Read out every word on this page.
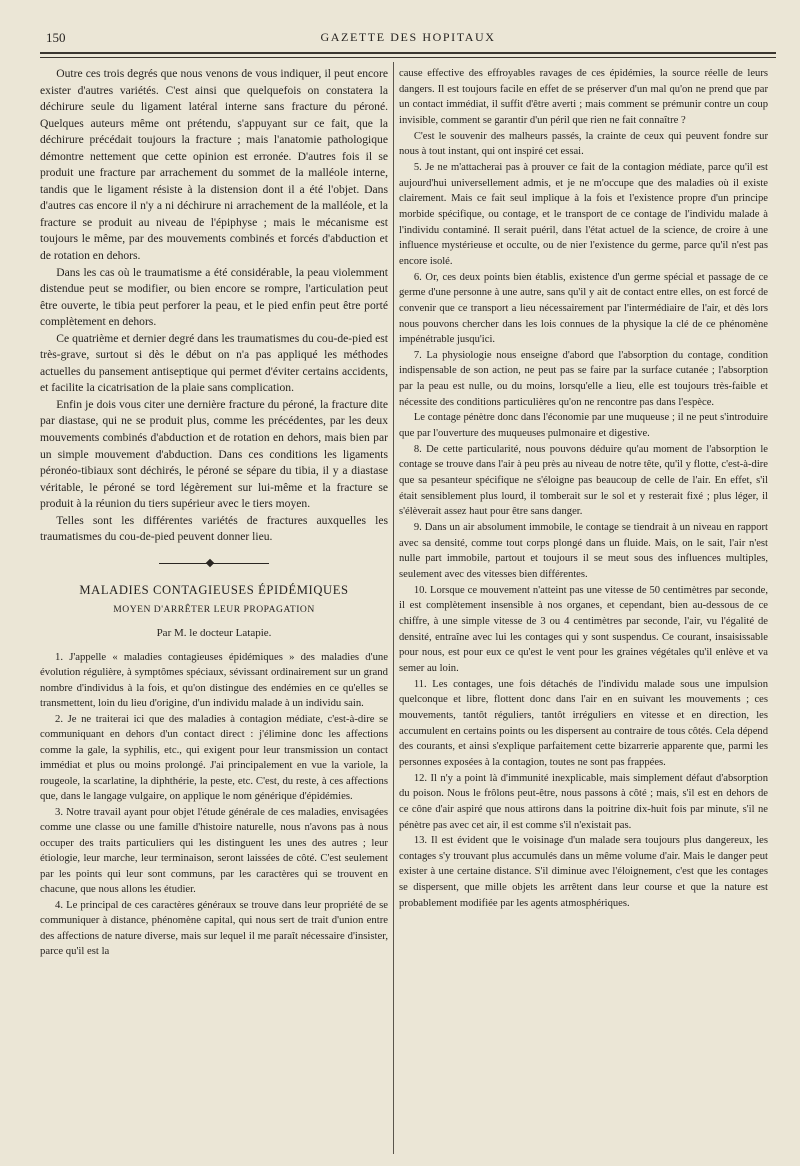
150	GAZETTE DES HOPITAUX

Outre ces trois degrés que nous venons de vous indiquer, il peut encore exister d'autres variétés. C'est ainsi que quelquefois on constatera la déchirure seule du ligament latéral interne sans fracture du péroné. Quelques auteurs même ont prétendu, s'appuyant sur ce fait, que la déchirure précédait toujours la fracture ; mais l'anatomie pathologique démontre nettement que cette opinion est erronée. D'autres fois il se produit une fracture par arrachement du sommet de la malléole interne, tandis que le ligament résiste à la distension dont il a été l'objet. Dans d'autres cas encore il n'y a ni déchirure ni arrachement de la malléole, et la fracture se produit au niveau de l'épiphyse ; mais le mécanisme est toujours le même, par des mouvements combinés et forcés d'abduction et de rotation en dehors.

Dans les cas où le traumatisme a été considérable, la peau violemment distendue peut se modifier, ou bien encore se rompre, l'articulation peut être ouverte, le tibia peut perforer la peau, et le pied enfin peut être porté complètement en dehors.

Ce quatrième et dernier degré dans les traumatismes du cou-de-pied est très-grave, surtout si dès le début on n'a pas appliqué les méthodes actuelles du pansement antiseptique qui permet d'éviter certains accidents, et facilite la cicatrisation de la plaie sans complication.

Enfin je dois vous citer une dernière fracture du péroné, la fracture dite par diastase, qui ne se produit plus, comme les précédentes, par les deux mouvements combinés d'abduction et de rotation en dehors, mais bien par un simple mouvement d'abduction. Dans ces conditions les ligaments péronéo-tibiaux sont déchirés, le péroné se sépare du tibia, il y a diastase véritable, le péroné se tord légèrement sur lui-même et la fracture se produit à la réunion du tiers supérieur avec le tiers moyen.

Telles sont les différentes variétés de fractures auxquelles les traumatismes du cou-de-pied peuvent donner lieu.

MALADIES CONTAGIEUSES ÉPIDÉMIQUES
MOYEN D'ARRÊTER LEUR PROPAGATION
Par M. le docteur Latapie.

1. J'appelle « maladies contagieuses épidémiques » des maladies d'une évolution régulière, à symptômes spéciaux, sévissant ordinairement sur un grand nombre d'individus à la fois, et qu'on distingue des endémies en ce qu'elles se transmettent, loin du lieu d'origine, d'un individu malade à un individu sain.

2. Je ne traiterai ici que des maladies à contagion médiate, c'est-à-dire se communiquant en dehors d'un contact direct : j'élimine donc les affections comme la gale, la syphilis, etc., qui exigent pour leur transmission un contact immédiat et plus ou moins prolongé. J'ai principalement en vue la variole, la rougeole, la scarlatine, la diphthérie, la peste, etc. C'est, du reste, à ces affections que, dans le langage vulgaire, on applique le nom générique d'épidémies.

3. Notre travail ayant pour objet l'étude générale de ces maladies, envisagées comme une classe ou une famille d'histoire naturelle, nous n'avons pas à nous occuper des traits particuliers qui les distinguent les unes des autres ; leur étiologie, leur marche, leur terminaison, seront laissées de côté. C'est seulement par les points qui leur sont communs, par les caractères qui se trouvent en chacune, que nous allons les étudier.

4. Le principal de ces caractères généraux se trouve dans leur propriété de se communiquer à distance, phénomène capital, qui nous sert de trait d'union entre des affections de nature diverse, mais sur lequel il me paraît nécessaire d'insister, parce qu'il est la

cause effective des effroyables ravages de ces épidémies, la source réelle de leurs dangers. Il est toujours facile en effet de se préserver d'un mal qu'on ne prend que par un contact immédiat, il suffit d'être averti ; mais comment se prémunir contre un coup invisible, comment se garantir d'un péril que rien ne fait connaître ?

C'est le souvenir des malheurs passés, la crainte de ceux qui peuvent fondre sur nous à tout instant, qui ont inspiré cet essai.

5. Je ne m'attacherai pas à prouver ce fait de la contagion médiate, parce qu'il est aujourd'hui universellement admis, et je ne m'occupe que des maladies où il existe clairement. Mais ce fait seul implique à la fois et l'existence propre d'un principe morbide spécifique, ou contage, et le transport de ce contage de l'individu malade à l'individu contaminé. Il serait puéril, dans l'état actuel de la science, de croire à une influence mystérieuse et occulte, ou de nier l'existence du germe, parce qu'il n'est pas encore isolé.

6. Or, ces deux points bien établis, existence d'un germe spécial et passage de ce germe d'une personne à une autre, sans qu'il y ait de contact entre elles, on est forcé de convenir que ce transport a lieu nécessairement par l'intermédiaire de l'air, et dès lors nous pouvons chercher dans les lois connues de la physique la clé de ce phénomène impénétrable jusqu'ici.

7. La physiologie nous enseigne d'abord que l'absorption du contage, condition indispensable de son action, ne peut pas se faire par la surface cutanée ; l'absorption par la peau est nulle, ou du moins, lorsqu'elle a lieu, elle est toujours très-faible et nécessite des conditions particulières qu'on ne rencontre pas dans l'espèce.

Le contage pénètre donc dans l'économie par une muqueuse ; il ne peut s'introduire que par l'ouverture des muqueuses pulmonaire et digestive.

8. De cette particularité, nous pouvons déduire qu'au moment de l'absorption le contage se trouve dans l'air à peu près au niveau de notre tête, qu'il y flotte, c'est-à-dire que sa pesanteur spécifique ne s'éloigne pas beaucoup de celle de l'air. En effet, s'il était sensiblement plus lourd, il tomberait sur le sol et y resterait fixé ; plus léger, il s'élèverait assez haut pour être sans danger.

9. Dans un air absolument immobile, le contage se tiendrait à un niveau en rapport avec sa densité, comme tout corps plongé dans un fluide. Mais, on le sait, l'air n'est nulle part immobile, partout et toujours il se meut sous des influences multiples, seulement avec des vitesses bien différentes.

10. Lorsque ce mouvement n'atteint pas une vitesse de 50 centimètres par seconde, il est complètement insensible à nos organes, et cependant, bien au-dessous de ce chiffre, à une simple vitesse de 3 ou 4 centimètres par seconde, l'air, vu l'égalité de densité, entraîne avec lui les contages qui y sont suspendus. Ce courant, insaisissable pour nous, est pour eux ce qu'est le vent pour les graines végétales qu'il enlève et va semer au loin.

11. Les contages, une fois détachés de l'individu malade sous une impulsion quelconque et libre, flottent donc dans l'air en en suivant les mouvements ; ces mouvements, tantôt réguliers, tantôt irréguliers en vitesse et en direction, les accumulent en certains points ou les dispersent au contraire de tous côtés. Cela dépend des courants, et ainsi s'explique parfaitement cette bizarrerie apparente que, parmi les personnes exposées à la contagion, toutes ne sont pas frappées.

12. Il n'y a point là d'immunité inexplicable, mais simplement défaut d'absorption du poison. Nous le frôlons peut-être, nous passons à côté ; mais, s'il est en dehors de ce cône d'air aspiré que nous attirons dans la poitrine dix-huit fois par minute, s'il ne pénètre pas avec cet air, il est comme s'il n'existait pas.

13. Il est évident que le voisinage d'un malade sera toujours plus dangereux, les contages s'y trouvant plus accumulés dans un même volume d'air. Mais le danger peut exister à une certaine distance. S'il diminue avec l'éloignement, c'est que les contages se dispersent, que mille objets les arrêtent dans leur course et que la nature est probablement modifiée par les agents atmosphériques.
